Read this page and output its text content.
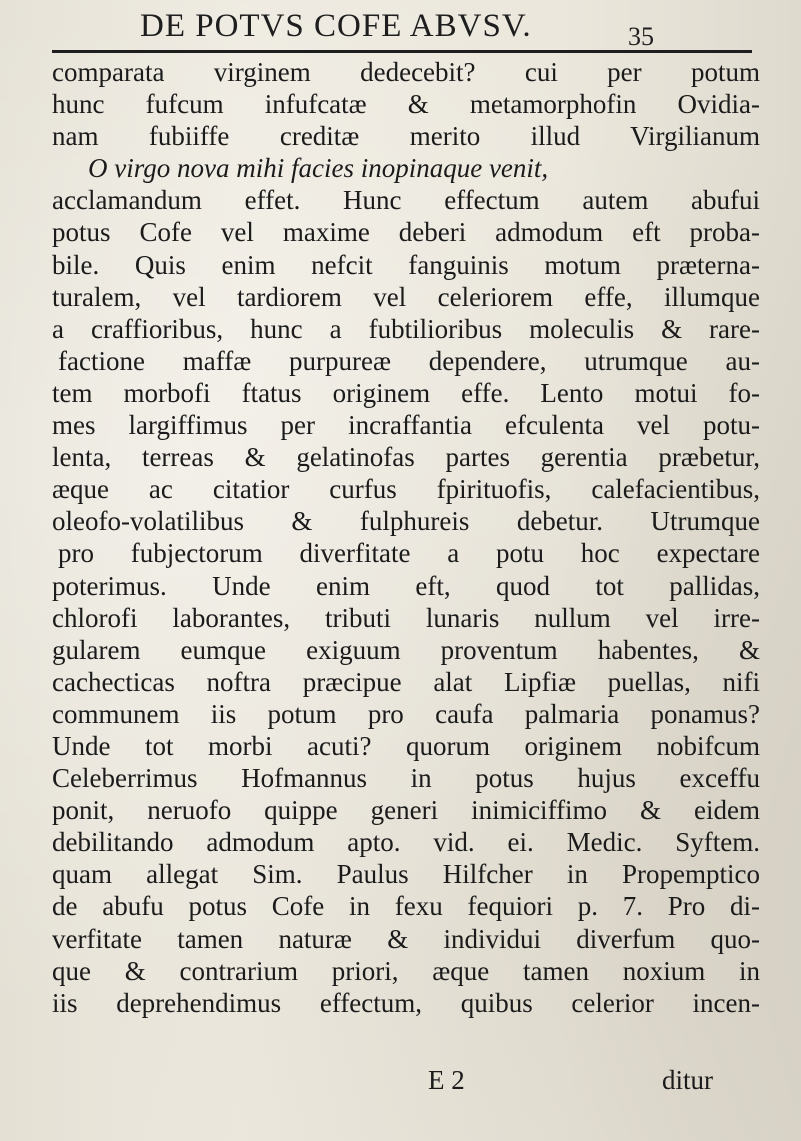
DE POTVS COFE ABVSV.	35
comparata virginem dedecebit? cui per potum
hunc fufcum infufcatæ & metamorphofin Ovidia-
nam fubiiffe creditæ merito illud Virgilianum
O virgo nova mihi facies inopinaque venit,
acclamandum effet. Hunc effectum autem abufui
potus Cofe vel maxime deberi admodum eft proba-
bile. Quis enim nefcit fanguinis motum præterna-
turalem, vel tardiorem vel celeriorem effe, illumque
a craffioribus, hunc a fubtilioribus moleculis & rare-
factione maffæ purpureæ dependere, utrumque au-
tem morbofi ftatus originem effe. Lento motui fo-
mes largiffimus per incraffantia efculenta vel potu-
lenta, terreas & gelatinofas partes gerentia præbetur,
æque ac citatior curfus fpirituofis, calefacientibus,
oleofo-volatilibus & fulphureis debetur. Utrumque
pro fubjectorum diverfitate a potu hoc expectare
poterimus. Unde enim eft, quod tot pallidas,
chlorofi laborantes, tributi lunaris nullum vel irre-
gularem eumque exiguum proventum habentes, &
cachecticas noftra præcipue alat Lipfiæ puellas, nifi
communem iis potum pro caufa palmaria ponamus?
Unde tot morbi acuti? quorum originem nobifcum
Celeberrimus Hofmannus in potus hujus exceffu
ponit, neruofo quippe generi inimiciffimo & eidem
debilitando admodum apto. vid. ei. Medic. Syftem.
quam allegat Sim. Paulus Hilfcher in Propemptico
de abufu potus Cofe in fexu fequiori p. 7. Pro di-
verfitate tamen naturæ & individui diverfum quo-
que & contrarium priori, æque tamen noxium in
iis deprehendimus effectum, quibus celerior incen-
E 2	ditur
